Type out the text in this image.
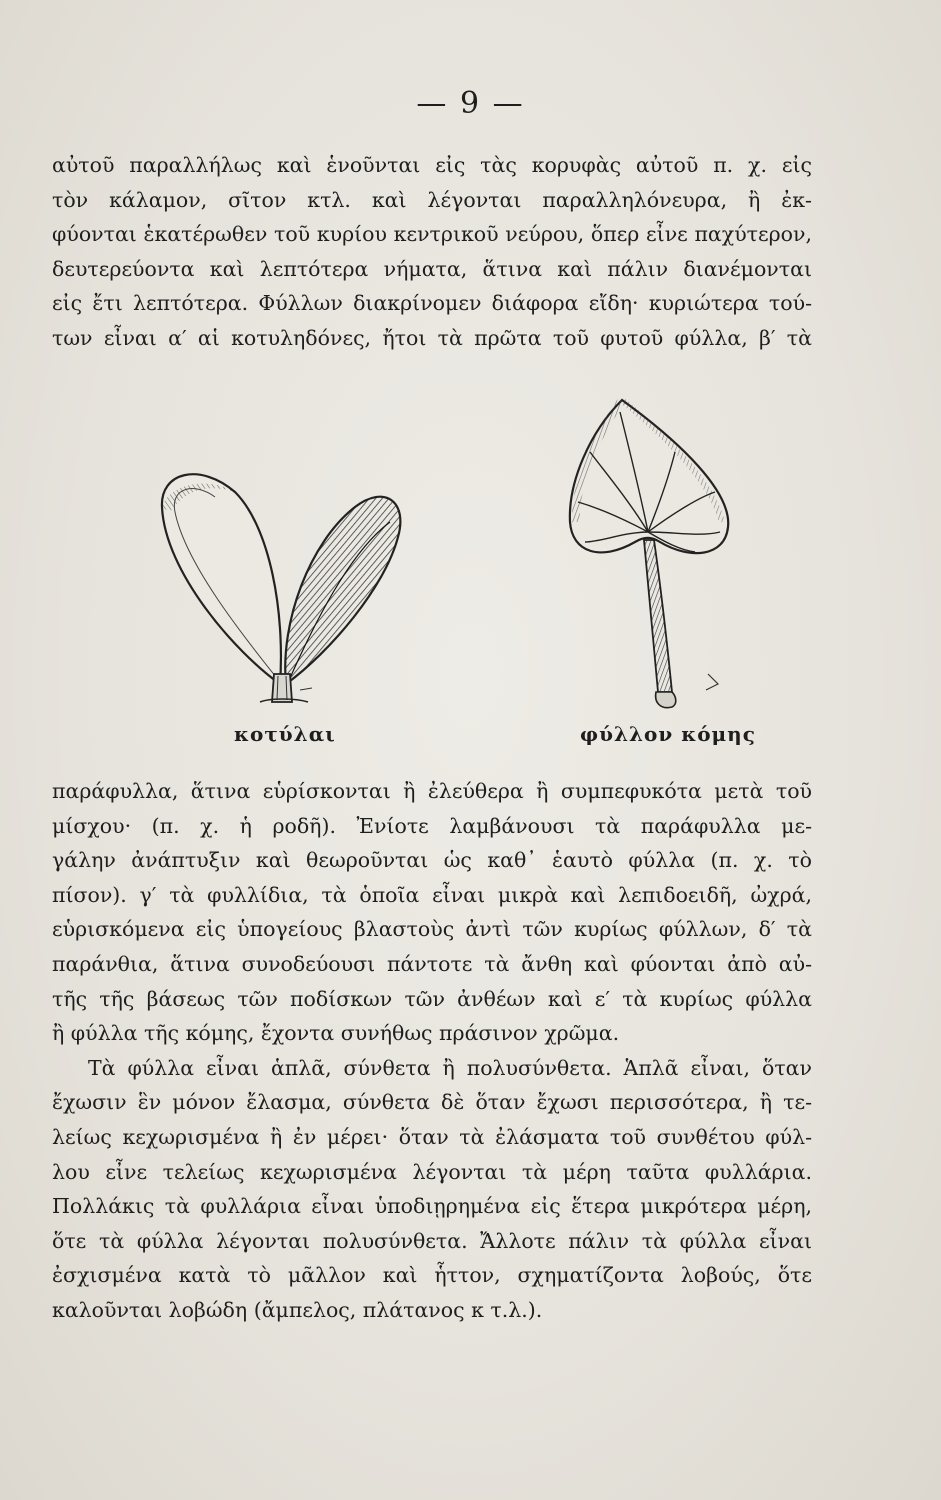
— 9 —
αὐτοῦ παραλλήλως καὶ ἑνοῦνται εἰς τὰς κορυφὰς αὐτοῦ π. χ. εἰς
τὸν κάλαμον, σῖτον κτλ. καὶ λέγονται παραλληλόνευρα, ἢ ἐκ-
φύονται ἑκατέρωθεν τοῦ κυρίου κεντρικοῦ νεύρου, ὅπερ εἶνε παχύτερον,
δευτερεύοντα καὶ λεπτότερα νήματα, ἅτινα καὶ πάλιν διανέμονται
εἰς ἔτι λεπτότερα. Φύλλων διακρίνομεν διάφορα εἴδη· κυριώτερα τού-
των εἶναι α′ αἱ κοτυληδόνες, ἤτοι τὰ πρῶτα τοῦ φυτοῦ φύλλα, β′ τὰ
κοτύλαι	φύλλον κόμης
παράφυλλα, ἅτινα εὑρίσκονται ἢ ἐλεύθερα ἢ συμπεφυκότα μετὰ τοῦ
μίσχου· (π. χ. ἡ ροδῆ). Ἐνίοτε λαμβάνουσι τὰ παράφυλλα με-
γάλην ἀνάπτυξιν καὶ θεωροῦνται ὡς καθ᾽ ἑαυτὸ φύλλα (π. χ. τὸ
πίσον). γ′ τὰ φυλλίδια, τὰ ὁποῖα εἶναι μικρὰ καὶ λεπιδοειδῆ, ὠχρά,
εὑρισκόμενα εἰς ὑπογείους βλαστοὺς ἀντὶ τῶν κυρίως φύλλων, δ′ τὰ
παράνθια, ἅτινα συνοδεύουσι πάντοτε τὰ ἄνθη καὶ φύονται ἀπὸ αὐ-
τῆς τῆς βάσεως τῶν ποδίσκων τῶν ἀνθέων καὶ ε′ τὰ κυρίως φύλλα
ἢ φύλλα τῆς κόμης, ἔχοντα συνήθως πράσινον χρῶμα.
Τὰ φύλλα εἶναι ἁπλᾶ, σύνθετα ἢ πολυσύνθετα. Ἁπλᾶ εἶναι, ὅταν
ἔχωσιν ἓν μόνον ἔλασμα, σύνθετα δὲ ὅταν ἔχωσι περισσότερα, ἢ τε-
λείως κεχωρισμένα ἢ ἐν μέρει· ὅταν τὰ ἐλάσματα τοῦ συνθέτου φύλ-
λου εἶνε τελείως κεχωρισμένα λέγονται τὰ μέρη ταῦτα φυλλάρια.
Πολλάκις τὰ φυλλάρια εἶναι ὑποδιῃρημένα εἰς ἕτερα μικρότερα μέρη,
ὅτε τὰ φύλλα λέγονται πολυσύνθετα. Ἄλλοτε πάλιν τὰ φύλλα εἶναι
ἐσχισμένα κατὰ τὸ μᾶλλον καὶ ἧττον, σχηματίζοντα λοβούς, ὅτε
καλοῦνται λοβώδη (ἄμπελος, πλάτανος κ τ.λ.).
